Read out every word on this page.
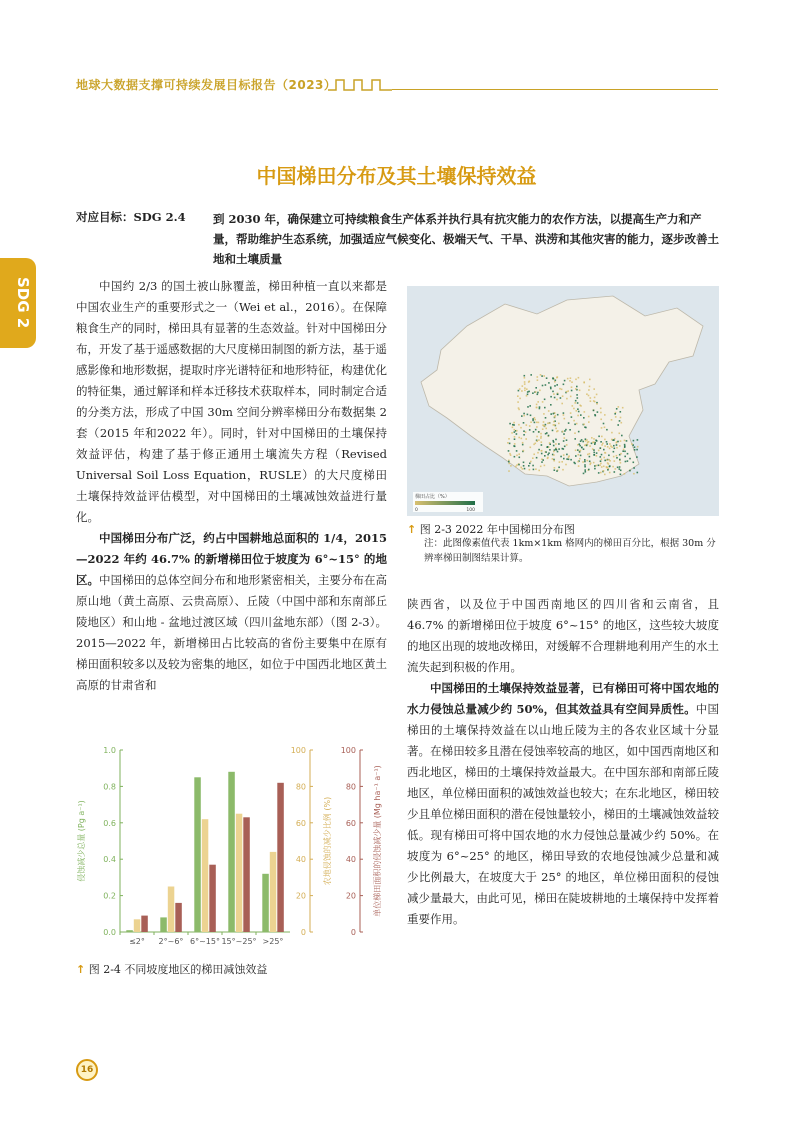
地球大数据支撑可持续发展目标报告（2023）
SDG 2
中国梯田分布及其土壤保持效益
对应目标：SDG 2.4 到 2030 年，确保建立可持续粮食生产体系并执行具有抗灾能力的农作方法，以提高生产力和产量，帮助维护生态系统，加强适应气候变化、极端天气、干旱、洪涝和其他灾害的能力，逐步改善土地和土壤质量

中国约 2/3 的国土被山脉覆盖，梯田种植一直以来都是中国农业生产的重要形式之一（Wei et al.，2016）。在保障粮食生产的同时，梯田具有显著的生态效益。针对中国梯田分布，开发了基于遥感数据的大尺度梯田制图的新方法，基于遥感影像和地形数据，提取时序光谱特征和地形特征，构建优化的特征集，通过解译和样本迁移技术获取样本，同时制定合适的分类方法，形成了中国 30m 空间分辨率梯田分布数据集 2 套（2015 年和2022 年）。同时，针对中国梯田的土壤保持效益评估，构建了基于修正通用土壤流失方程（Revised Universal Soil Loss Equation，RUSLE）的大尺度梯田土壤保持效益评估模型，对中国梯田的土壤减蚀效益进行量化。

中国梯田分布广泛，约占中国耕地总面积的 1/4，2015—2022 年约 46.7% 的新增梯田位于坡度为 6°~15° 的地区。中国梯田的总体空间分布和地形紧密相关，主要分布在高原山地（黄土高原、云贵高原）、丘陵（中国中部和东南部丘陵地区）和山地 - 盆地过渡区域（四川盆地东部）（图 2-3）。2015—2022 年，新增梯田占比较高的省份主要集中在原有梯田面积较多以及较为密集的地区，如位于中国西北地区黄土高原的甘肃省和

梯田占比（%）
0	100
↑ 图 2-3 2022 年中国梯田分布图
注：此图像素值代表 1km×1km 格网内的梯田百分比，根据 30m 分辨率梯田制图结果计算。

陕西省，以及位于中国西南地区的四川省和云南省，且 46.7% 的新增梯田位于坡度 6°~15° 的地区，这些较大坡度的地区出现的坡地改梯田，对缓解不合理耕地利用产生的水土流失起到积极的作用。

中国梯田的土壤保持效益显著，已有梯田可将中国农地的水力侵蚀总量减少约 50%，但其效益具有空间异质性。中国梯田的土壤保持效益在以山地丘陵为主的各农业区域十分显著。在梯田较多且潜在侵蚀率较高的地区，如中国西南地区和西北地区，梯田的土壤保持效益最大。在中国东部和南部丘陵地区，单位梯田面积的减蚀效益也较大；在东北地区，梯田较少且单位梯田面积的潜在侵蚀量较小，梯田的土壤减蚀效益较低。现有梯田可将中国农地的水力侵蚀总量减少约 50%。在坡度为 6°~25° 的地区，梯田导致的农地侵蚀减少总量和减少比例最大，在坡度大于 25° 的地区，单位梯田面积的侵蚀减少量最大，由此可见，梯田在陡坡耕地的土壤保持中发挥着重要作用。

0.0
0.2
0.4
0.6
0.8
1.0
侵蚀减少总量 (Pg a⁻¹)
0
20
40
60
80
100
农地侵蚀的减少比例 (%)
0
20
40
60
80
100
单位梯田面积的侵蚀减少量 (Mg ha⁻¹ a⁻¹)
≤2° 2°~6° 6°~15° 15°~25° >25°
↑ 图 2-4 不同坡度地区的梯田减蚀效益
16
